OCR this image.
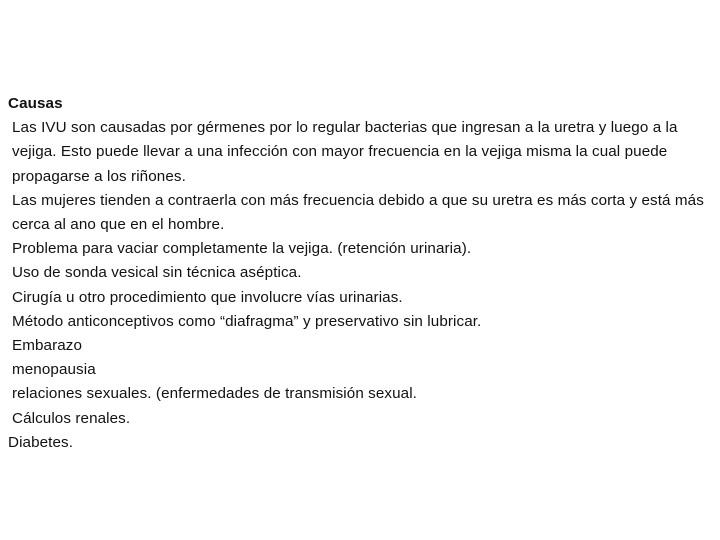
Causas
Las IVU son causadas por gérmenes por lo regular bacterias que ingresan a la uretra y luego a la vejiga. Esto puede llevar a una infección con mayor frecuencia en la vejiga misma la cual puede propagarse a los riñones.
Las mujeres tienden a contraerla con más frecuencia debido a que su uretra es más corta y está más cerca al ano que en el hombre.
Problema para vaciar completamente la vejiga. (retención urinaria).
Uso de sonda vesical sin técnica aséptica.
Cirugía u otro procedimiento que involucre vías urinarias.
Método anticonceptivos como “diafragma” y preservativo sin lubricar.
Embarazo
menopausia
relaciones sexuales. (enfermedades de transmisión sexual.
Cálculos renales.
Diabetes.
